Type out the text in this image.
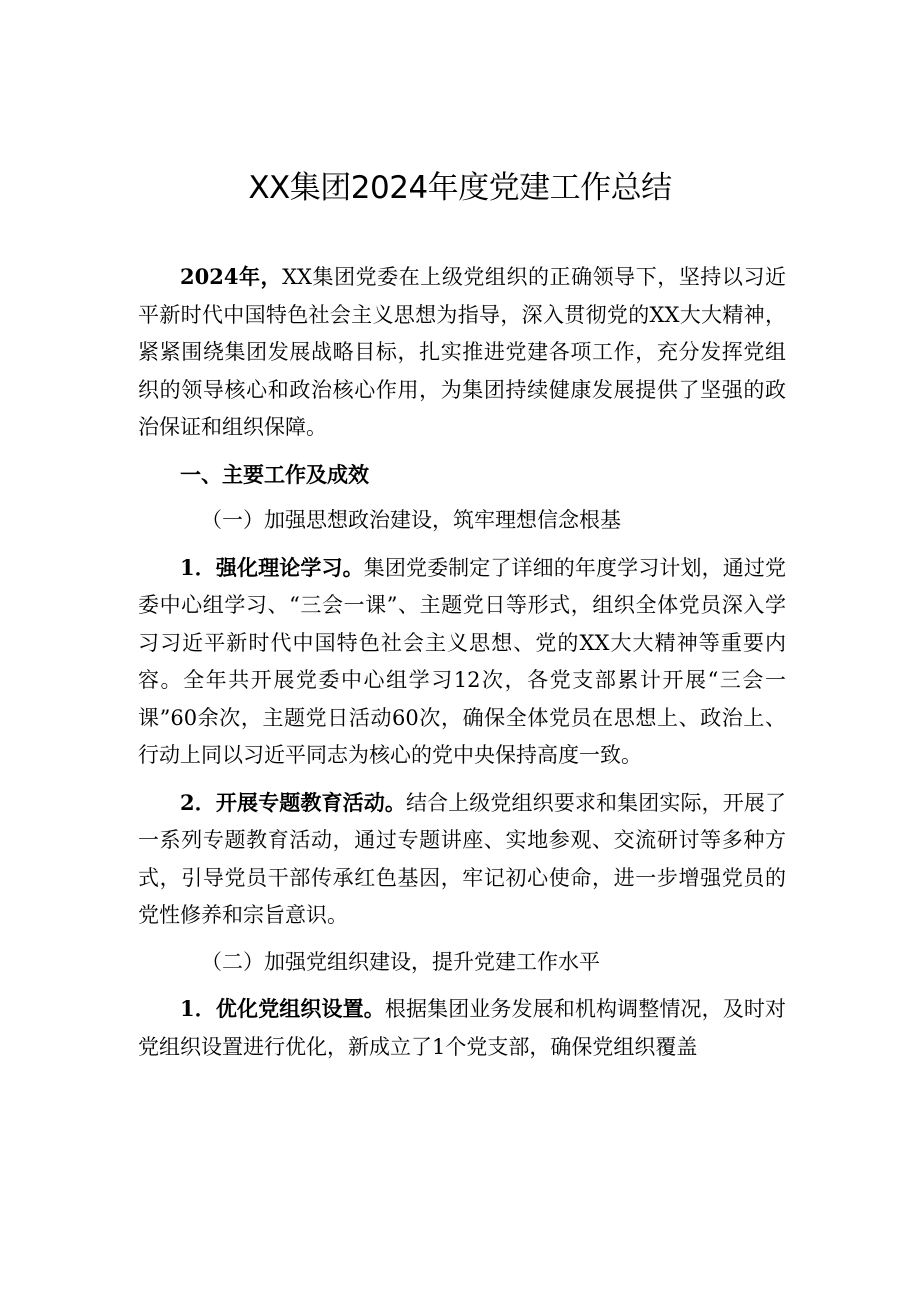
XX集团2024年度党建工作总结

2024年，XX集团党委在上级党组织的正确领导下，坚持以习近平新时代中国特色社会主义思想为指导，深入贯彻党的XX大大精神，紧紧围绕集团发展战略目标，扎实推进党建各项工作，充分发挥党组织的领导核心和政治核心作用，为集团持续健康发展提供了坚强的政治保证和组织保障。

一、主要工作及成效

（一）加强思想政治建设，筑牢理想信念根基

1．强化理论学习。集团党委制定了详细的年度学习计划，通过党委中心组学习、“三会一课”、主题党日等形式，组织全体党员深入学习习近平新时代中国特色社会主义思想、党的XX大大精神等重要内容。全年共开展党委中心组学习12次，各党支部累计开展“三会一课”60余次，主题党日活动60次，确保全体党员在思想上、政治上、行动上同以习近平同志为核心的党中央保持高度一致。

2．开展专题教育活动。结合上级党组织要求和集团实际，开展了一系列专题教育活动，通过专题讲座、实地参观、交流研讨等多种方式，引导党员干部传承红色基因，牢记初心使命，进一步增强党员的党性修养和宗旨意识。

（二）加强党组织建设，提升党建工作水平

1．优化党组织设置。根据集团业务发展和机构调整情况，及时对党组织设置进行优化，新成立了1个党支部，确保党组织覆盖
